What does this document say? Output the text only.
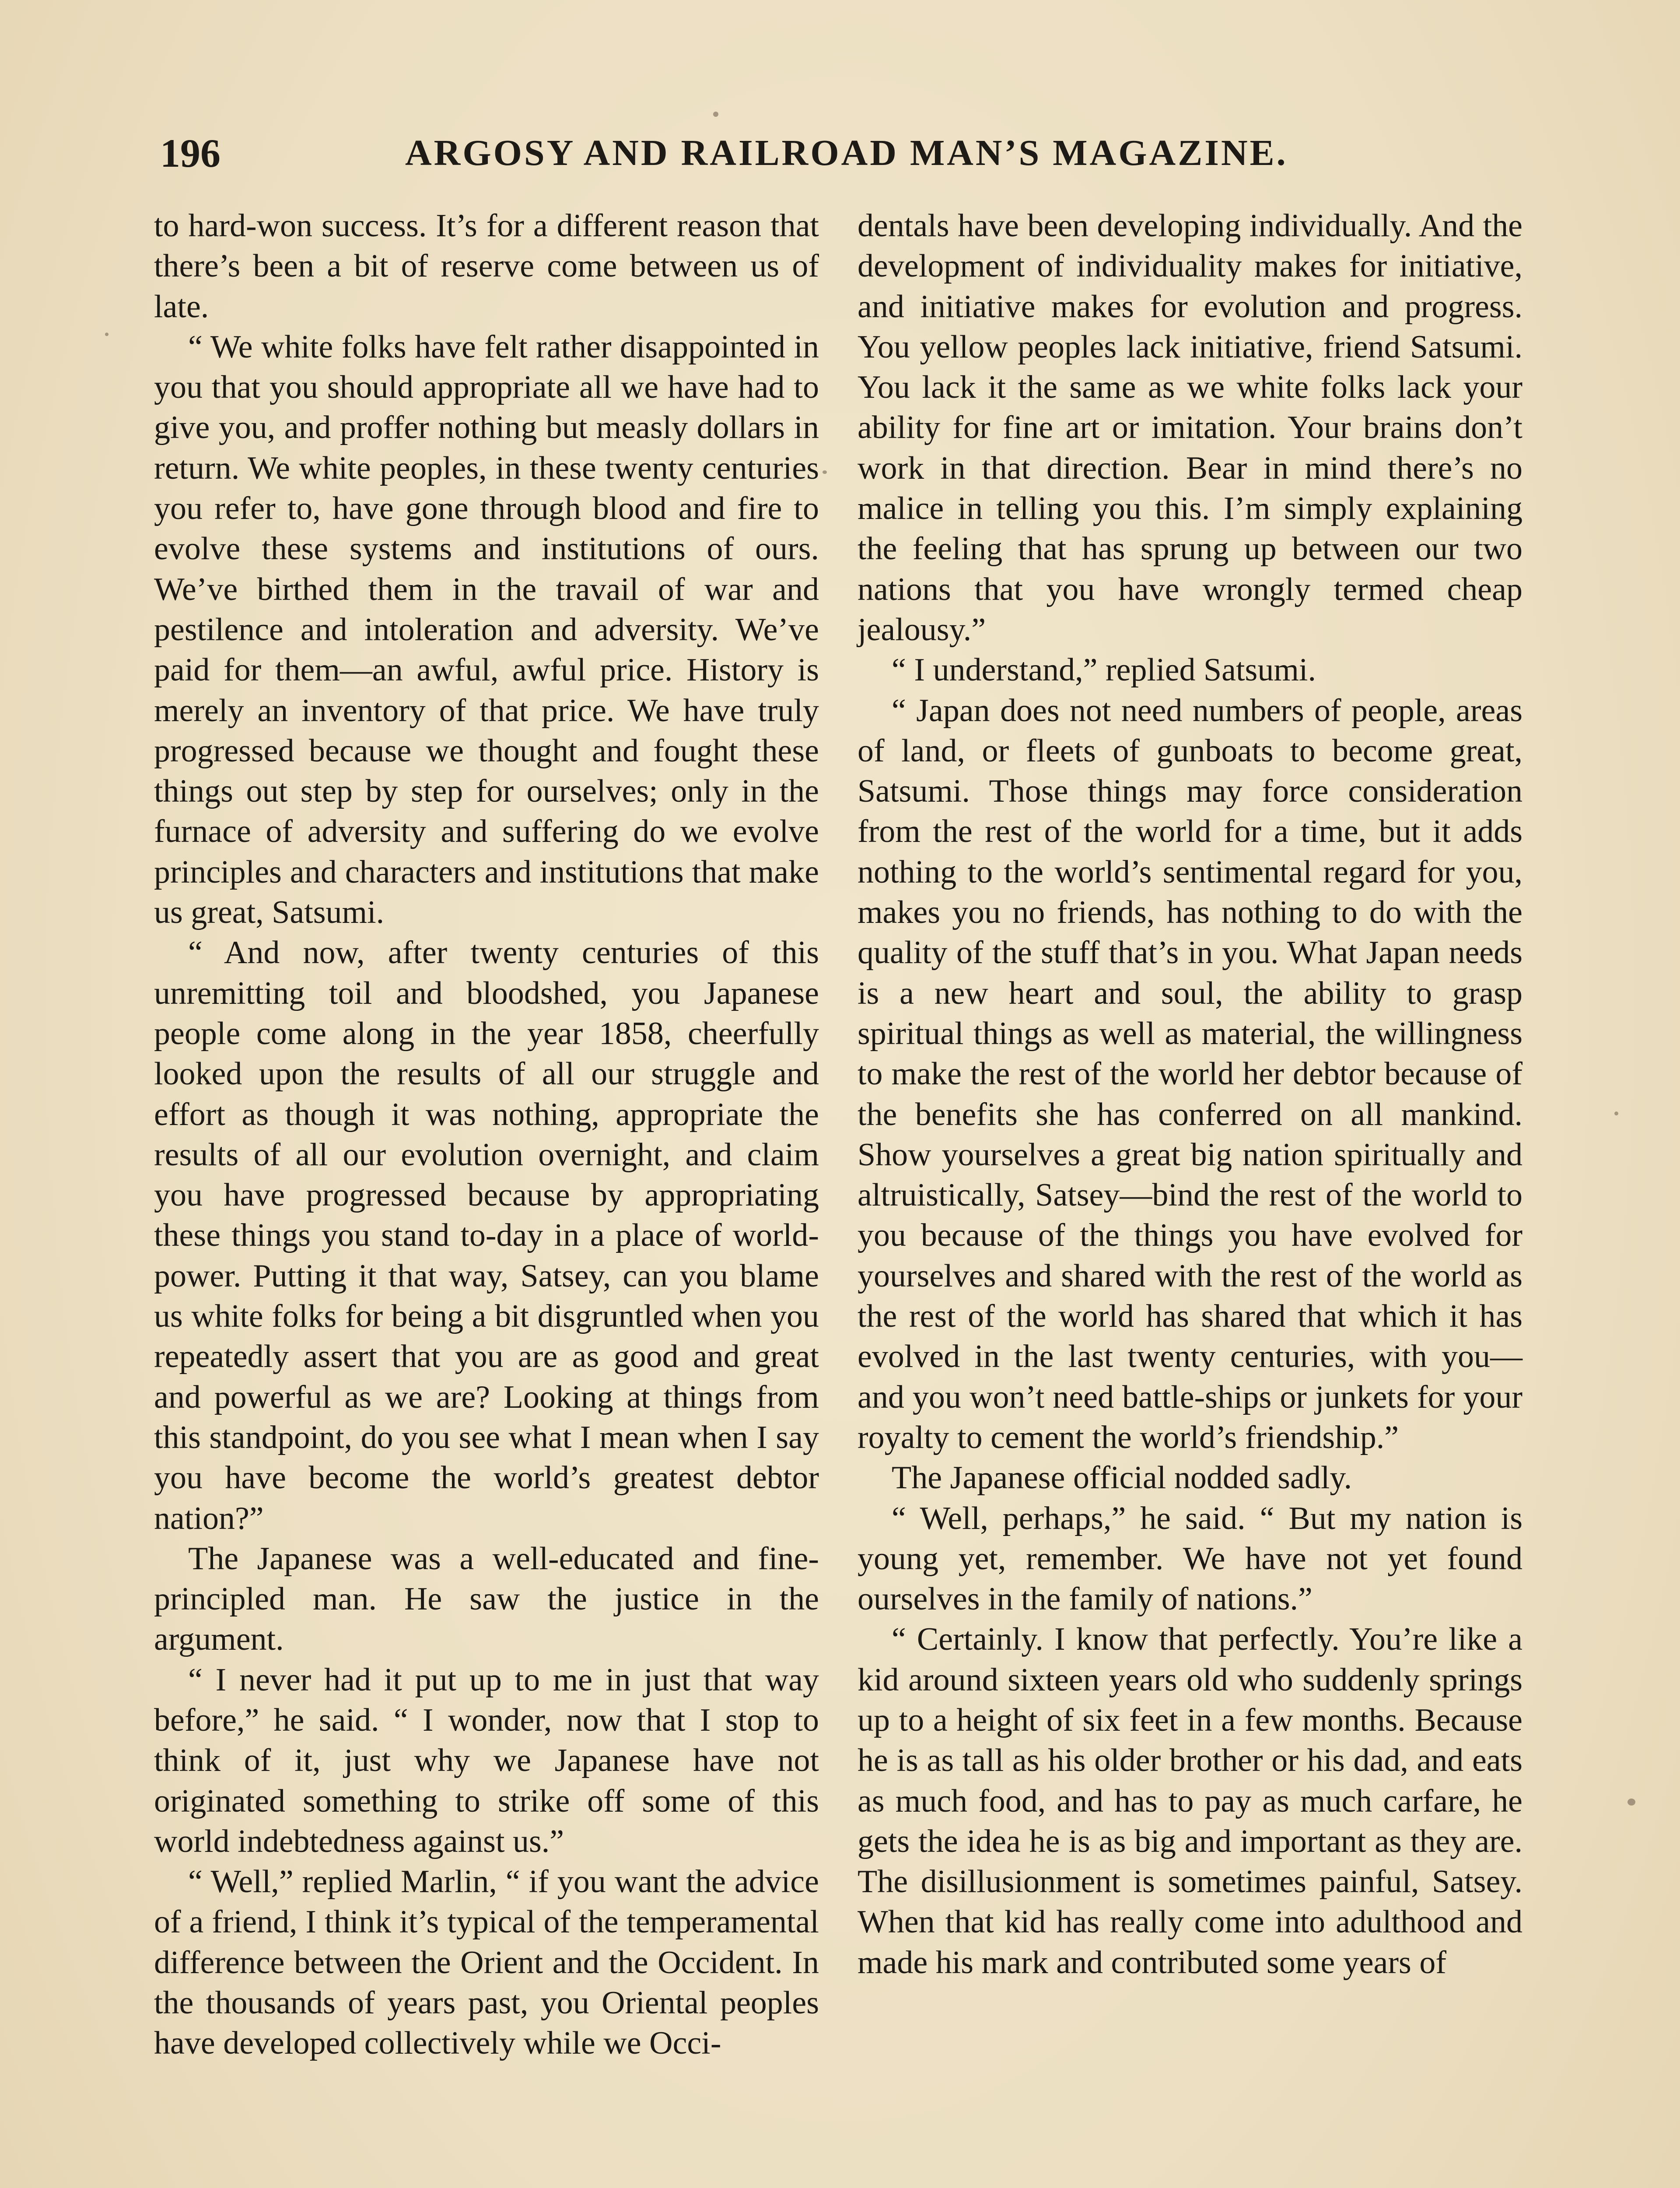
196	ARGOSY AND RAILROAD MAN’S MAGAZINE.

to hard-won success. It’s for a different reason that there’s been a bit of reserve come between us of late.

“ We white folks have felt rather disappointed in you that you should appropriate all we have had to give you, and proffer nothing but measly dollars in return. We white peoples, in these twenty centuries you refer to, have gone through blood and fire to evolve these systems and institutions of ours. We’ve birthed them in the travail of war and pestilence and intoleration and adversity. We’ve paid for them—an awful, awful price. History is merely an inventory of that price. We have truly progressed because we thought and fought these things out step by step for ourselves; only in the furnace of adversity and suffering do we evolve principles and characters and institutions that make us great, Satsumi.

“ And now, after twenty centuries of this unremitting toil and bloodshed, you Japanese people come along in the year 1858, cheerfully looked upon the results of all our struggle and effort as though it was nothing, appropriate the results of all our evolution overnight, and claim you have progressed because by appropriating these things you stand to-day in a place of world-power. Putting it that way, Satsey, can you blame us white folks for being a bit disgruntled when you repeatedly assert that you are as good and great and powerful as we are? Looking at things from this standpoint, do you see what I mean when I say you have become the world’s greatest debtor nation?”

The Japanese was a well-educated and fine-principled man. He saw the justice in the argument.

“ I never had it put up to me in just that way before,” he said. “ I wonder, now that I stop to think of it, just why we Japanese have not originated something to strike off some of this world indebtedness against us.”

“ Well,” replied Marlin, “ if you want the advice of a friend, I think it’s typical of the temperamental difference between the Orient and the Occident. In the thousands of years past, you Oriental peoples have developed collectively while we Occi-

dentals have been developing individually. And the development of individuality makes for initiative, and initiative makes for evolution and progress. You yellow peoples lack initiative, friend Satsumi. You lack it the same as we white folks lack your ability for fine art or imitation. Your brains don’t work in that direction. Bear in mind there’s no malice in telling you this. I’m simply explaining the feeling that has sprung up between our two nations that you have wrongly termed cheap jealousy.”

“ I understand,” replied Satsumi.

“ Japan does not need numbers of people, areas of land, or fleets of gunboats to become great, Satsumi. Those things may force consideration from the rest of the world for a time, but it adds nothing to the world’s sentimental regard for you, makes you no friends, has nothing to do with the quality of the stuff that’s in you. What Japan needs is a new heart and soul, the ability to grasp spiritual things as well as material, the willingness to make the rest of the world her debtor because of the benefits she has conferred on all mankind. Show yourselves a great big nation spiritually and altruistically, Satsey—bind the rest of the world to you because of the things you have evolved for yourselves and shared with the rest of the world as the rest of the world has shared that which it has evolved in the last twenty centuries, with you—and you won’t need battle-ships or junkets for your royalty to cement the world’s friendship.”

The Japanese official nodded sadly.

“ Well, perhaps,” he said. “ But my nation is young yet, remember. We have not yet found ourselves in the family of nations.”

“ Certainly. I know that perfectly. You’re like a kid around sixteen years old who suddenly springs up to a height of six feet in a few months. Because he is as tall as his older brother or his dad, and eats as much food, and has to pay as much carfare, he gets the idea he is as big and important as they are. The disillusionment is sometimes painful, Satsey. When that kid has really come into adulthood and made his mark and contributed some years of
